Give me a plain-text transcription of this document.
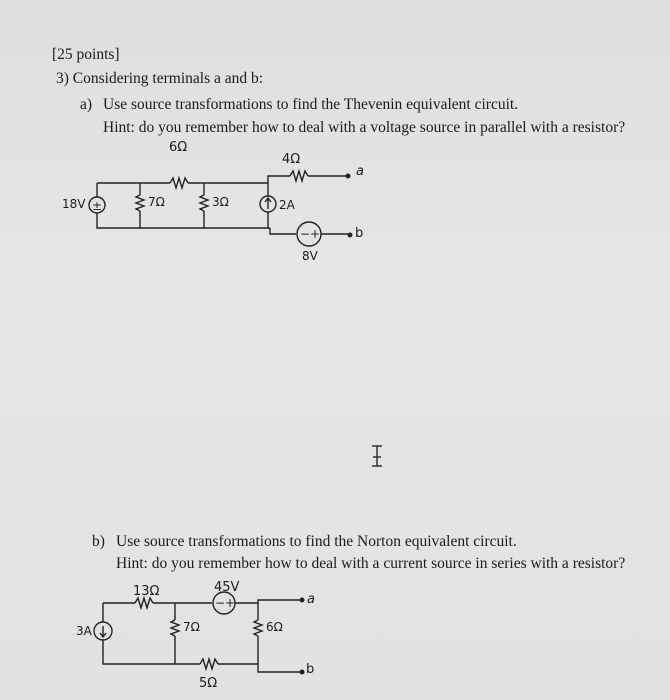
[25 points]
3) Considering terminals a and b:
a) Use source transformations to find the Thevenin equivalent circuit.
Hint: do you remember how to deal with a voltage source in parallel with a resistor?
±
−+
6Ω
4Ω
a
b
18V	7Ω	3Ω	2A
8V
b) Use source transformations to find the Norton equivalent circuit.
Hint: do you remember how to deal with a current source in series with a resistor?
−+
13Ω	45V
a
b
3A	7Ω	6Ω
5Ω
